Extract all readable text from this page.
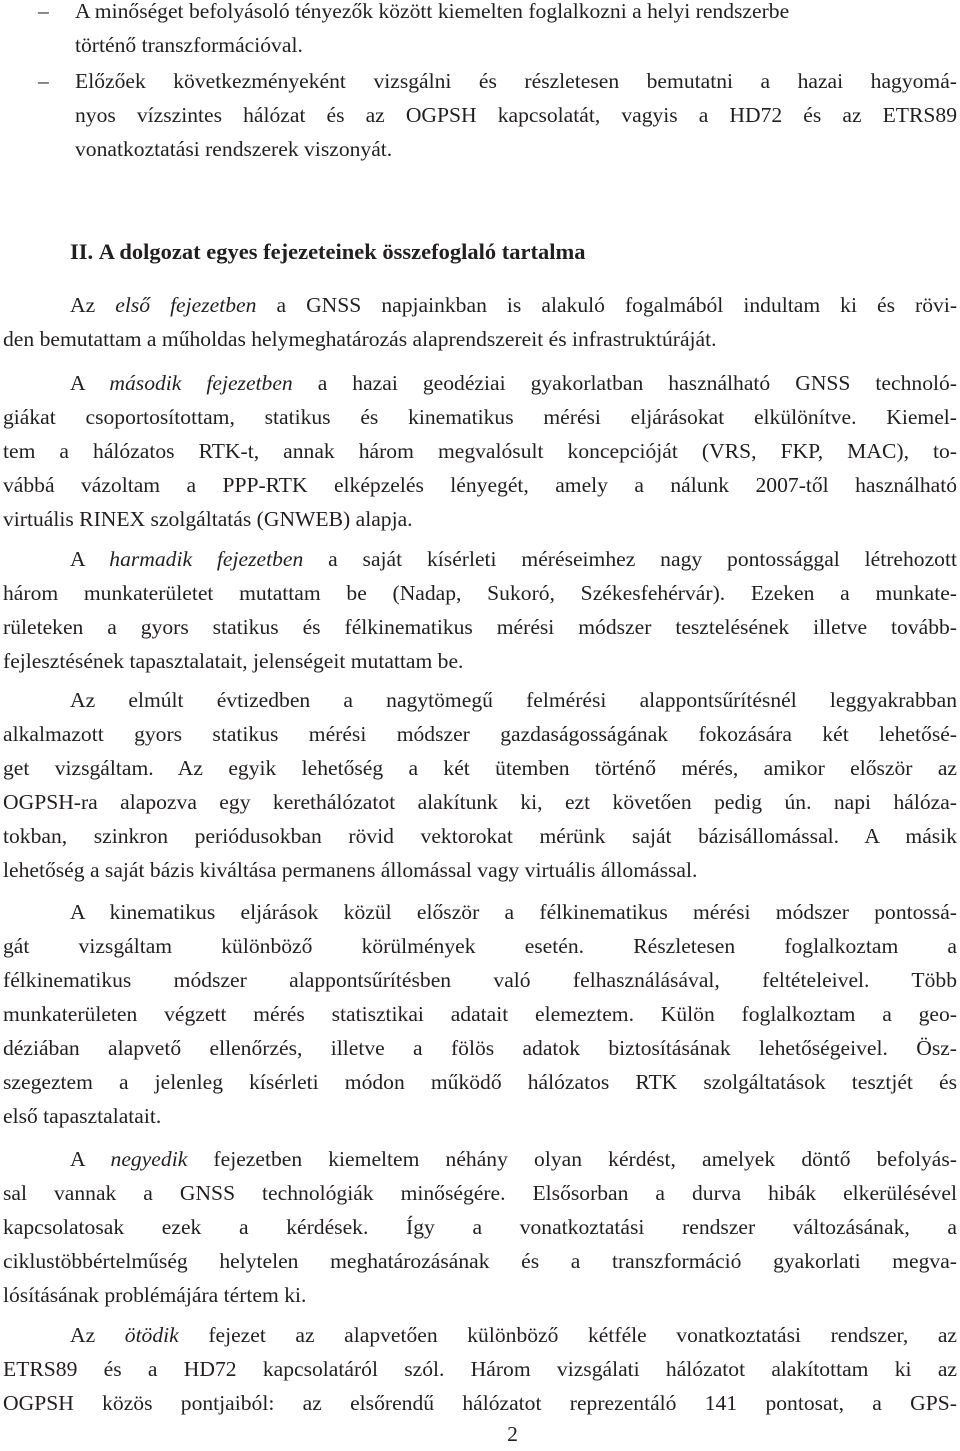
– A minőséget befolyásoló tényezők között kiemelten foglalkozni a helyi rendszerbe
történő transzformációval.
– Előzőek következményeként vizsgálni és részletesen bemutatni a hazai hagyomá-
nyos vízszintes hálózat és az OGPSH kapcsolatát, vagyis a HD72 és az ETRS89
vonatkoztatási rendszerek viszonyát.
II. A dolgozat egyes fejezeteinek összefoglaló tartalma
Az első fejezetben a GNSS napjainkban is alakuló fogalmából indultam ki és rövi-
den bemutattam a műholdas helymeghatározás alaprendszereit és infrastruktúráját.
A második fejezetben a hazai geodéziai gyakorlatban használható GNSS technoló-
giákat csoportosítottam, statikus és kinematikus mérési eljárásokat elkülönítve. Kiemel-
tem a hálózatos RTK-t, annak három megvalósult koncepcióját (VRS, FKP, MAC), to-
vábbá vázoltam a PPP-RTK elképzelés lényegét, amely a nálunk 2007-től használható
virtuális RINEX szolgáltatás (GNWEB) alapja.
A harmadik fejezetben a saját kísérleti méréseimhez nagy pontossággal létrehozott
három munkaterületet mutattam be (Nadap, Sukoró, Székesfehérvár). Ezeken a munkate-
rületeken a gyors statikus és félkinematikus mérési módszer tesztelésének illetve tovább-
fejlesztésének tapasztalatait, jelenségeit mutattam be.
Az elmúlt évtizedben a nagytömegű felmérési alappontsűrítésnél leggyakrabban
alkalmazott gyors statikus mérési módszer gazdaságosságának fokozására két lehetősé-
get vizsgáltam. Az egyik lehetőség a két ütemben történő mérés, amikor először az
OGPSH-ra alapozva egy kerethálózatot alakítunk ki, ezt követően pedig ún. napi hálóza-
tokban, szinkron periódusokban rövid vektorokat mérünk saját bázisállomással. A másik
lehetőség a saját bázis kiváltása permanens állomással vagy virtuális állomással.
A kinematikus eljárások közül először a félkinematikus mérési módszer pontossá-
gát vizsgáltam különböző körülmények esetén. Részletesen foglalkoztam a
félkinematikus módszer alappontsűrítésben való felhasználásával, feltételeivel. Több
munkaterületen végzett mérés statisztikai adatait elemeztem. Külön foglalkoztam a geo-
déziában alapvető ellenőrzés, illetve a fölös adatok biztosításának lehetőségeivel. Ösz-
szegeztem a jelenleg kísérleti módon működő hálózatos RTK szolgáltatások tesztjét és
első tapasztalatait.
A negyedik fejezetben kiemeltem néhány olyan kérdést, amelyek döntő befolyás-
sal vannak a GNSS technológiák minőségére. Elsősorban a durva hibák elkerülésével
kapcsolatosak ezek a kérdések. Így a vonatkoztatási rendszer változásának, a
ciklustöbbértelműség helytelen meghatározásának és a transzformáció gyakorlati megva-
lósításának problémájára tértem ki.
Az ötödik fejezet az alapvetően különböző kétféle vonatkoztatási rendszer, az
ETRS89 és a HD72 kapcsolatáról szól. Három vizsgálati hálózatot alakítottam ki az
OGPSH közös pontjaiból: az elsőrendű hálózatot reprezentáló 141 pontosat, a GPS-
2
